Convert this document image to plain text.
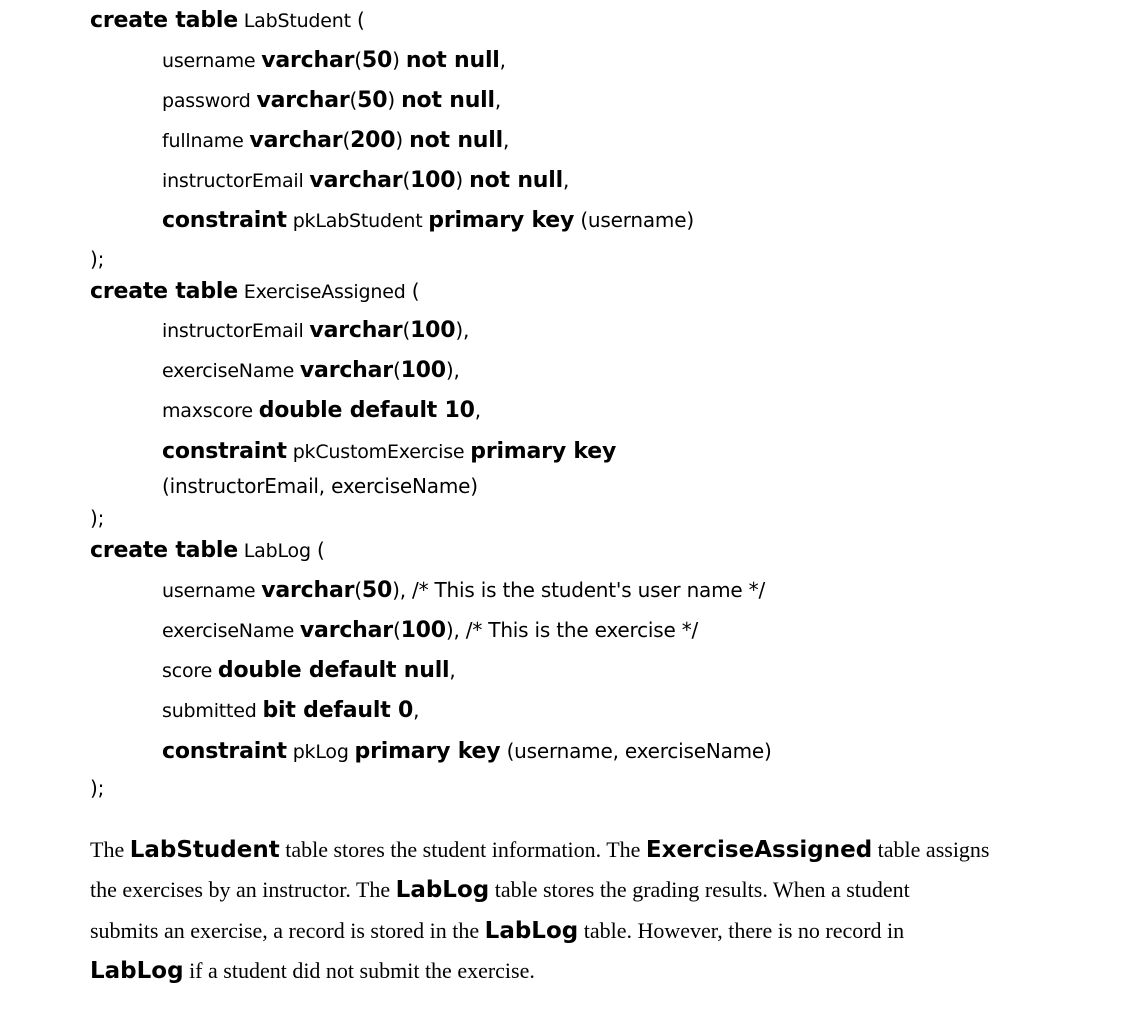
create table LabStudent (
username varchar(50) not null,
password varchar(50) not null,
fullname varchar(200) not null,
instructorEmail varchar(100) not null,
constraint pkLabStudent primary key (username)
);
create table ExerciseAssigned (
instructorEmail varchar(100),
exerciseName varchar(100),
maxscore double default 10,
constraint pkCustomExercise primary key
(instructorEmail, exerciseName)
);
create table LabLog (
username varchar(50), /* This is the student's user name */
exerciseName varchar(100), /* This is the exercise */
score double default null,
submitted bit default 0,
constraint pkLog primary key (username, exerciseName)
);
The LabStudent table stores the student information. The ExerciseAssigned table assigns
the exercises by an instructor. The LabLog table stores the grading results. When a student
submits an exercise, a record is stored in the LabLog table. However, there is no record in
LabLog if a student did not submit the exercise.
